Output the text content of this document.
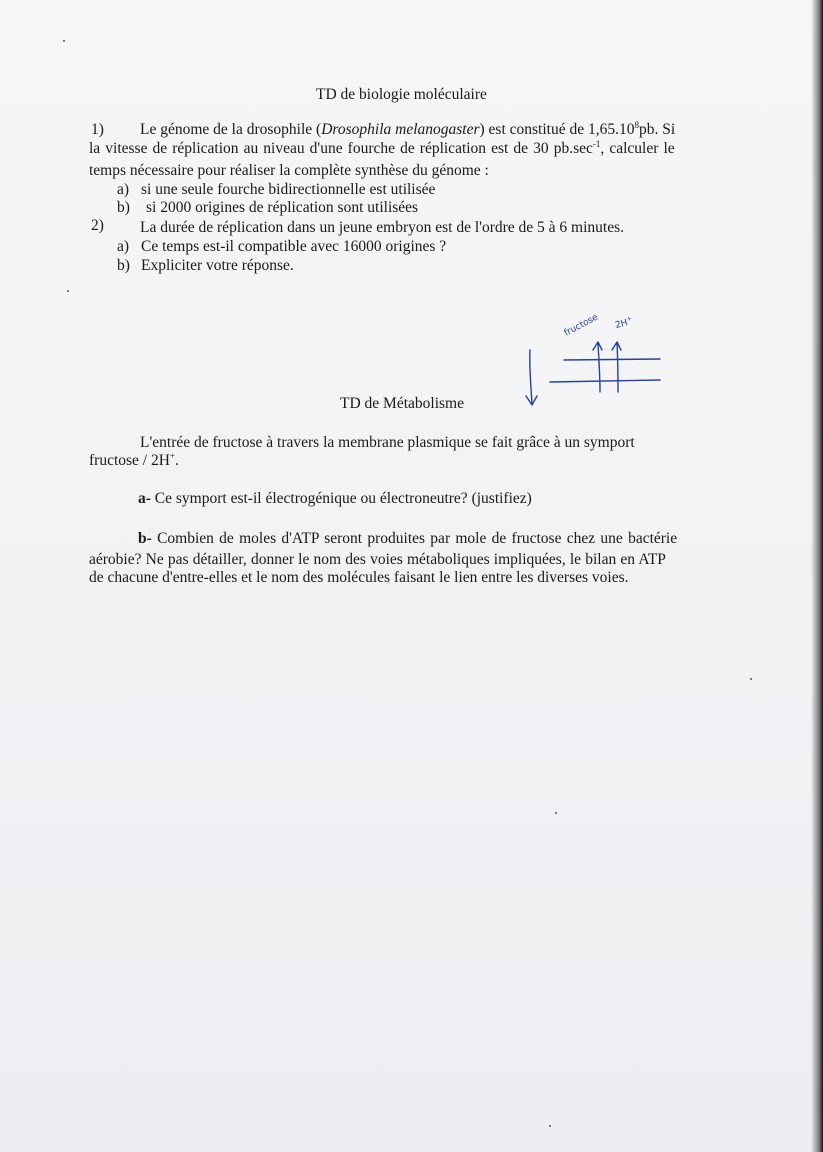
TD de biologie moléculaire
1) Le génome de la drosophile (Drosophila melanogaster) est constitué de 1,65.10$^8$pb. Si
la vitesse de réplication au niveau d'une fourche de réplication est de 30 $pb.\sec^{-1}$, calculer le
temps nécessaire pour réaliser la complète synthèse du génome :
a) si une seule fourche bidirectionnelle est utilisée
b) si 2000 origines de réplication sont utilisées
2) La durée de réplication dans un jeune embryon est de l'ordre de 5 à 6 minutes.
a) Ce temps est-il compatible avec 16000 origines ?
b) Expliciter votre réponse.
fructose 2H+
TD de Métabolisme
L'entrée de fructose à travers la membrane plasmique se fait grâce à un symport
fructose / 2H+.
a- Ce symport est-il électrogénique ou électroneutre? (justifiez)
b- Combien de moles d'ATP seront produites par mole de fructose chez une bactérie
aérobie? Ne pas détailler, donner le nom des voies métaboliques impliquées, le bilan en ATP
de chacune d'entre-elles et le nom des molécules faisant le lien entre les diverses voies.
